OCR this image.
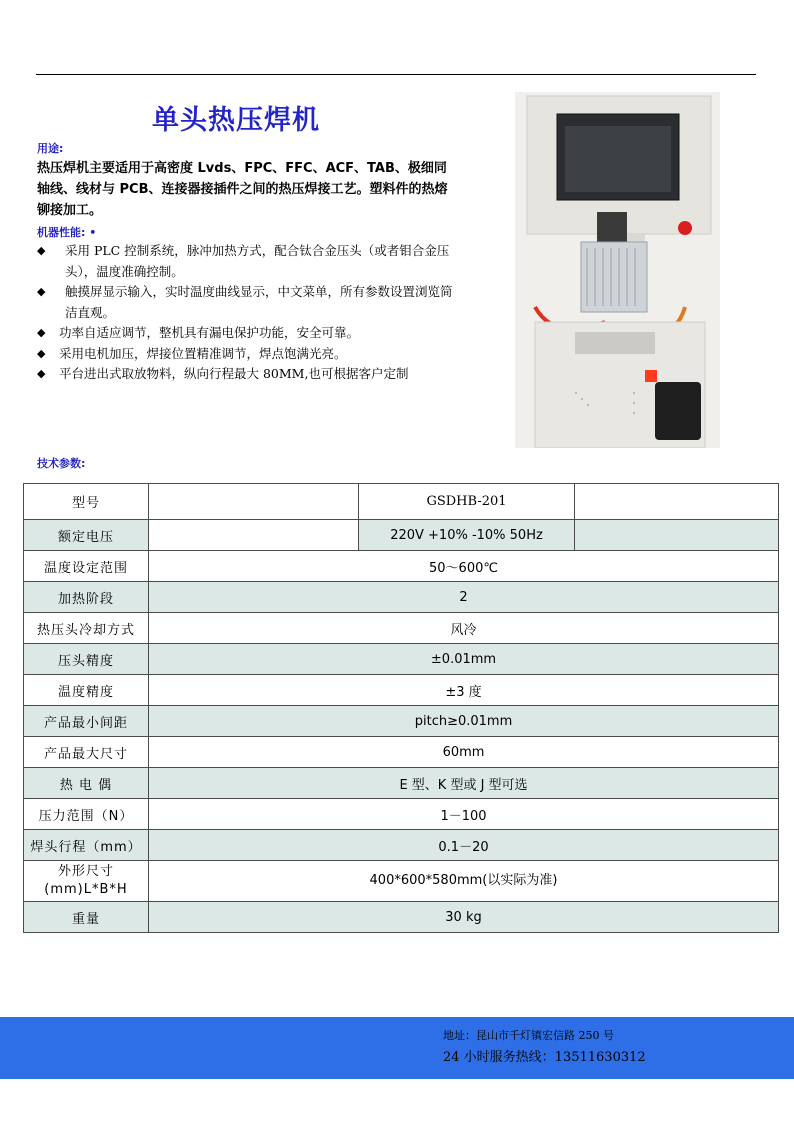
单头热压焊机
用途:
热压焊机主要适用于高密度 Lvds、FPC、FFC、ACF、TAB、极细同轴线、线材与 PCB、连接器接插件之间的热压焊接工艺。塑料件的热熔铆接加工。
机器性能: •
◆	采用 PLC 控制系统，脉冲加热方式，配合钛合金压头（或者钼合金压头），温度准确控制。
◆	触摸屏显示输入，实时温度曲线显示，中文菜单，所有参数设置浏览简洁直观。
◆ 功率自适应调节，整机具有漏电保护功能，安全可靠。
◆ 采用电机加压，焊接位置精准调节，焊点饱满光亮。
◆ 平台进出式取放物料，纵向行程最大 80MM,也可根据客户定制
技术参数:
型号		GSDHB-201	
额定电压		220V +10% -10% 50Hz	
温度设定范围	50～600℃		
加热阶段	2		
热压头冷却方式	风冷		
压头精度	±0.01mm		
温度精度	±3 度		
产品最小间距	pitch≥0.01mm		
产品最大尺寸	60mm		
热 电 偶	E 型、K 型或 J 型可选		
压力范围（N）	1－100		
焊头行程（mm）	0.1－20		
外形尺寸 (mm)L*B*H	400*600*580mm(以实际为准)		
重量	30 kg		
地址：昆山市千灯镇宏信路 250 号
24 小时服务热线：13511630312
